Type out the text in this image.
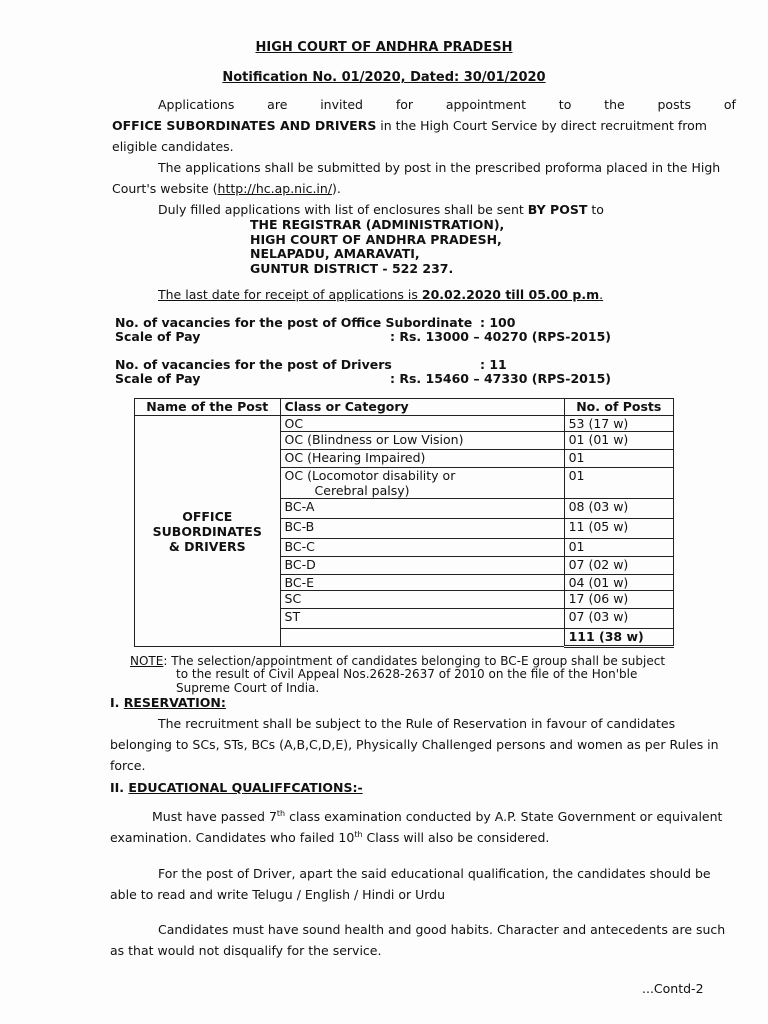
HIGH COURT OF ANDHRA PRADESH
Notification No. 01/2020, Dated: 30/01/2020
Applications	are	invited	for	appointment	to	the	posts	of
OFFICE SUBORDINATES AND DRIVERS in the High Court Service by direct recruitment from
eligible candidates.
The applications shall be submitted by post in the prescribed proforma placed in the High
Court's website (http://hc.ap.nic.in/).
Duly filled applications with list of enclosures shall be sent BY POST to
THE REGISTRAR (ADMINISTRATION),
HIGH COURT OF ANDHRA PRADESH,
NELAPADU, AMARAVATI,
GUNTUR DISTRICT - 522 237.
The last date for receipt of applications is 20.02.2020 till 05.00 p.m.
No. of vacancies for the post of Office Subordinate : 100
Scale of Pay	: Rs. 13000 – 40270 (RPS-2015)
No. of vacancies for the post of Drivers	: 11
Scale of Pay	: Rs. 15460 – 47330 (RPS-2015)
Name of the Post	Class or Category	No. of Posts

OFFICE
SUBORDINATES
& DRIVERS	OC	53 (17 w)
	OC (Blindness or Low Vision)	01 (01 w)
	OC (Hearing Impaired)	01

	OC (Locomotor disability or
Cerebral palsy)	01
	BC-A	08 (03 w)
	BC-B	11 (05 w)
	BC-C	01
	BC-D	07 (02 w)
	BC-E	04 (01 w)
	SC	17 (06 w)
	ST	07 (03 w)
		111 (38 w)
NOTE: The selection/appointment of candidates belonging to BC-E group shall be subject
to the result of Civil Appeal Nos.2628-2637 of 2010 on the file of the Hon'ble
Supreme Court of India.
I. RESERVATION:
The recruitment shall be subject to the Rule of Reservation in favour of candidates
belonging to SCs, STs, BCs (A,B,C,D,E), Physically Challenged persons and women as per Rules in
force.
II. EDUCATIONAL QUALIFFCATIONS:-
Must have passed 7th class examination conducted by A.P. State Government or equivalent
examination. Candidates who failed 10th Class will also be considered.
For the post of Driver, apart the said educational qualification, the candidates should be
able to read and write Telugu / English / Hindi or Urdu
Candidates must have sound health and good habits. Character and antecedents are such
as that would not disqualify for the service.
...Contd-2
